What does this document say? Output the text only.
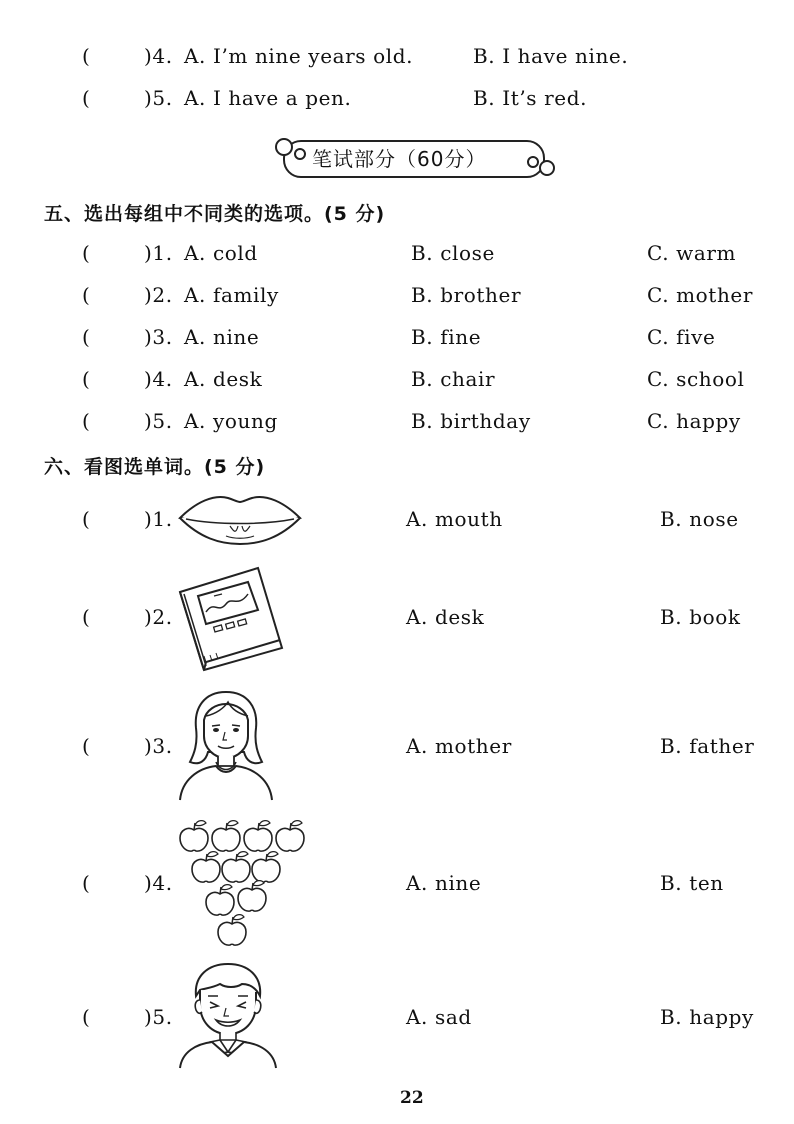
(	)4. A. I’m nine years old.	B. I have nine.
(	)5. A. I have a pen.	B. It’s red.
笔试部分（60分）
五、选出每组中不同类的选项。(5 分)
(	)1. A. cold	B. close	C. warm
(	)2. A. family	B. brother	C. mother
(	)3. A. nine	B. fine	C. five
(	)4. A. desk	B. chair	C. school
(	)5. A. young	B. birthday	C. happy
六、看图选单词。(5 分)
(	)1.	A. mouth	B. nose
(	)2.	A. desk	B. book
(	)3.	A. mother	B. father
(	)4.	A. nine	B. ten
(	)5.	A. sad	B. happy
22
